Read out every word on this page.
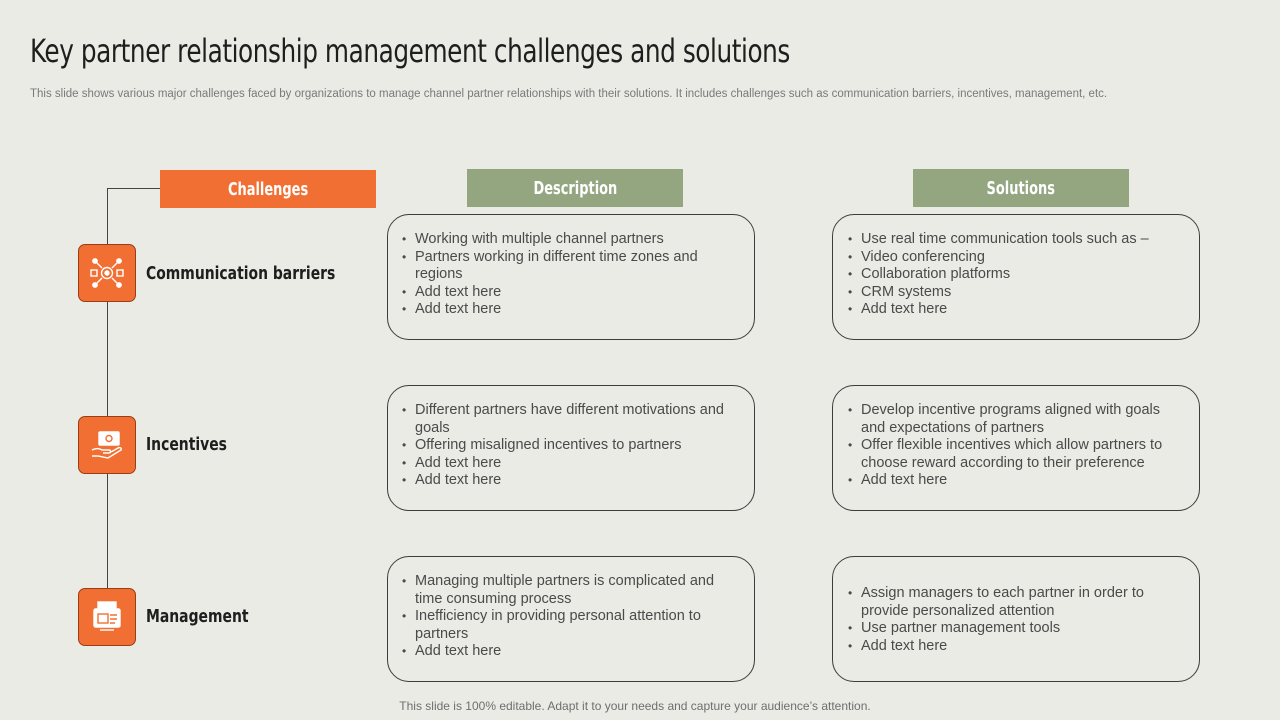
Key partner relationship management challenges and solutions
This slide shows various major challenges faced by organizations to manage channel partner relationships with their solutions. It includes challenges such as communication barriers, incentives, management, etc.
Challenges	Description	Solutions
Communication barriers
• Working with multiple channel partners
• Partners working in different time zones and regions
• Add text here
• Add text here
• Use real time communication tools such as –
• Video conferencing
• Collaboration platforms
• CRM systems
• Add text here
Incentives
• Different partners have different motivations and goals
• Offering misaligned incentives to partners
• Add text here
• Add text here
• Develop incentive programs aligned with goals and expectations of partners
• Offer flexible incentives which allow partners to choose reward according to their preference
• Add text here
Management
• Managing multiple partners is complicated and time consuming process
• Inefficiency in providing personal attention to partners
• Add text here
• Assign managers to each partner in order to provide personalized attention
• Use partner management tools
• Add text here
This slide is 100% editable. Adapt it to your needs and capture your audience’s attention.
